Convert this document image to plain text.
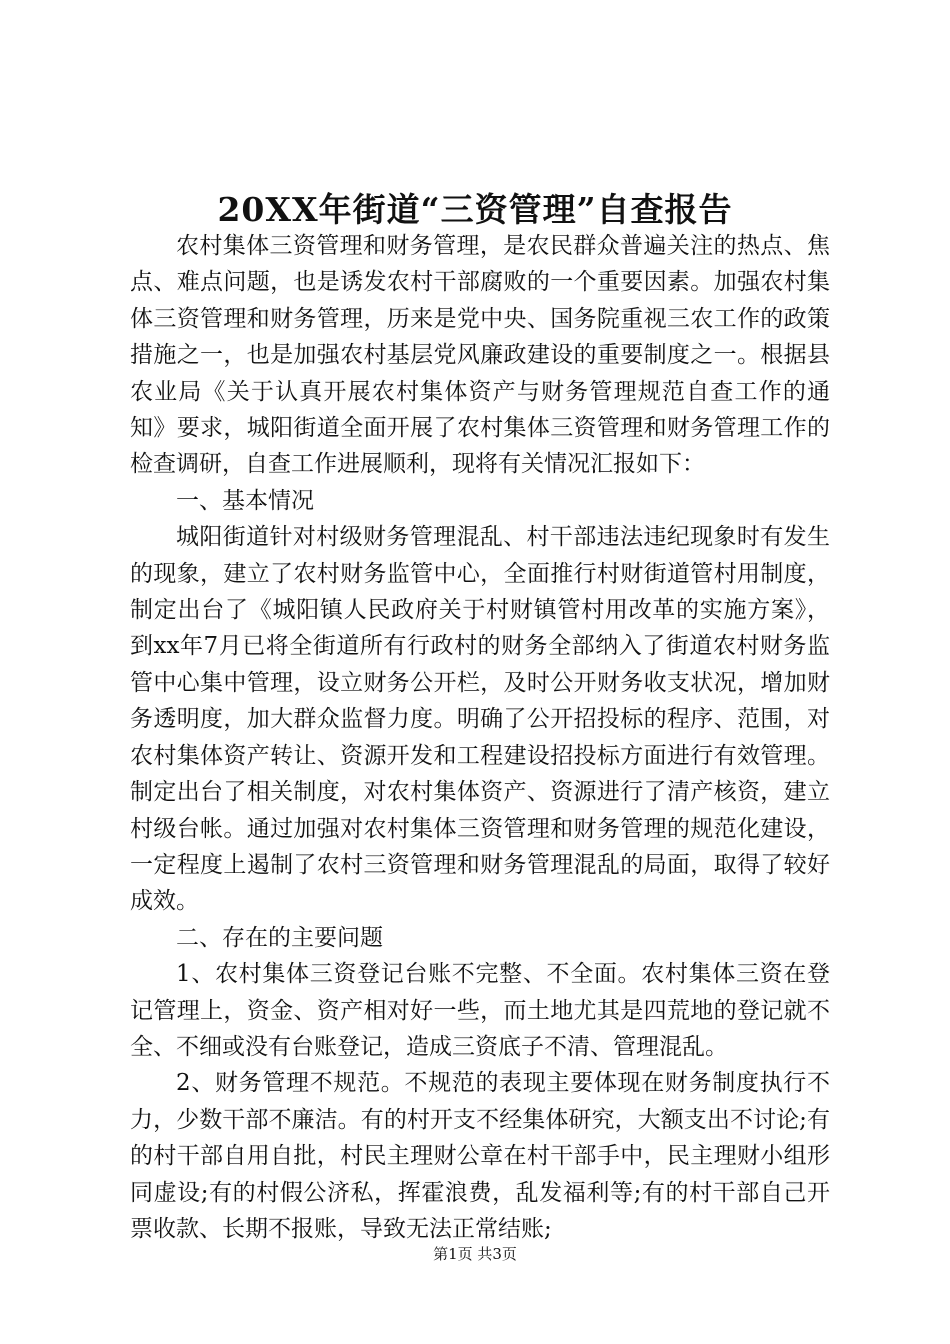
20XX年街道“三资管理”自查报告

农村集体三资管理和财务管理，是农民群众普遍关注的热点、焦点、难点问题，也是诱发农村干部腐败的一个重要因素。加强农村集体三资管理和财务管理，历来是党中央、国务院重视三农工作的政策措施之一，也是加强农村基层党风廉政建设的重要制度之一。根据县农业局《关于认真开展农村集体资产与财务管理规范自查工作的通知》要求，城阳街道全面开展了农村集体三资管理和财务管理工作的检查调研，自查工作进展顺利，现将有关情况汇报如下：

一、基本情况

城阳街道针对村级财务管理混乱、村干部违法违纪现象时有发生的现象，建立了农村财务监管中心，全面推行村财街道管村用制度，制定出台了《城阳镇人民政府关于村财镇管村用改革的实施方案》，到xx年7月已将全街道所有行政村的财务全部纳入了街道农村财务监管中心集中管理，设立财务公开栏，及时公开财务收支状况，增加财务透明度，加大群众监督力度。明确了公开招投标的程序、范围，对农村集体资产转让、资源开发和工程建设招投标方面进行有效管理。制定出台了相关制度，对农村集体资产、资源进行了清产核资，建立村级台帐。通过加强对农村集体三资管理和财务管理的规范化建设，一定程度上遏制了农村三资管理和财务管理混乱的局面，取得了较好成效。

二、存在的主要问题

1、农村集体三资登记台账不完整、不全面。农村集体三资在登记管理上，资金、资产相对好一些，而土地尤其是四荒地的登记就不全、不细或没有台账登记，造成三资底子不清、管理混乱。

2、财务管理不规范。不规范的表现主要体现在财务制度执行不力，少数干部不廉洁。有的村开支不经集体研究，大额支出不讨论;有的村干部自用自批，村民主理财公章在村干部手中，民主理财小组形同虚设;有的村假公济私，挥霍浪费，乱发福利等;有的村干部自己开票收款、长期不报账，导致无法正常结账;

第1页 共3页
